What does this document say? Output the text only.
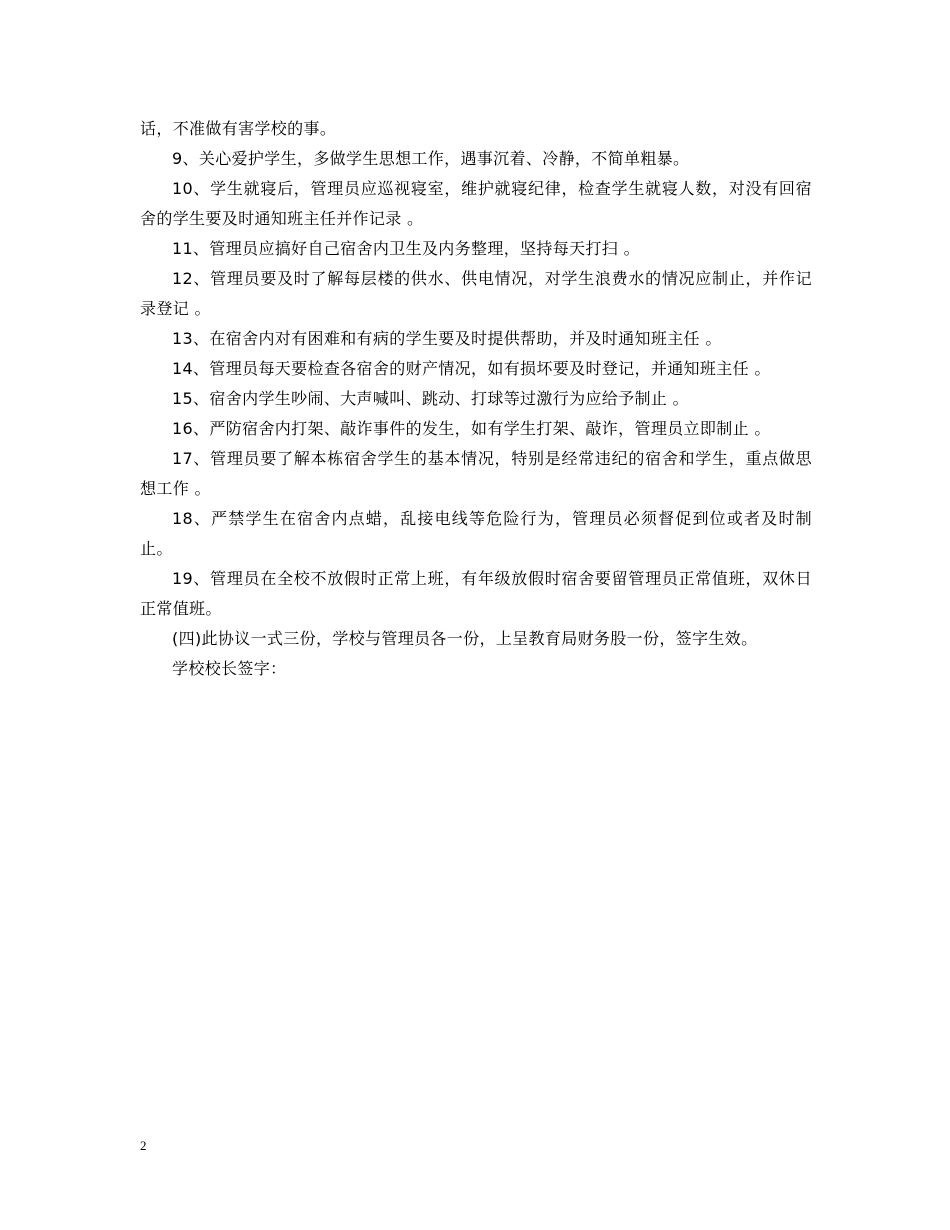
话，不准做有害学校的事。

9、关心爱护学生，多做学生思想工作，遇事沉着、冷静，不简单粗暴。

10、学生就寝后，管理员应巡视寝室，维护就寝纪律，检查学生就寝人数，对没有回宿舍的学生要及时通知班主任并作记录 。

11、管理员应搞好自己宿舍内卫生及内务整理，坚持每天打扫 。

12、管理员要及时了解每层楼的供水、供电情况，对学生浪费水的情况应制止，并作记录登记 。

13、在宿舍内对有困难和有病的学生要及时提供帮助，并及时通知班主任 。

14、管理员每天要检查各宿舍的财产情况，如有损坏要及时登记，并通知班主任 。

15、宿舍内学生吵闹、大声喊叫、跳动、打球等过激行为应给予制止 。

16、严防宿舍内打架、敲诈事件的发生，如有学生打架、敲诈，管理员立即制止 。

17、管理员要了解本栋宿舍学生的基本情况，特别是经常违纪的宿舍和学生，重点做思想工作 。

18、严禁学生在宿舍内点蜡，乱接电线等危险行为，管理员必须督促到位或者及时制止。

19、管理员在全校不放假时正常上班，有年级放假时宿舍要留管理员正常值班，双休日正常值班。

(四)此协议一式三份，学校与管理员各一份，上呈教育局财务股一份，签字生效。

学校校长签字：

2
